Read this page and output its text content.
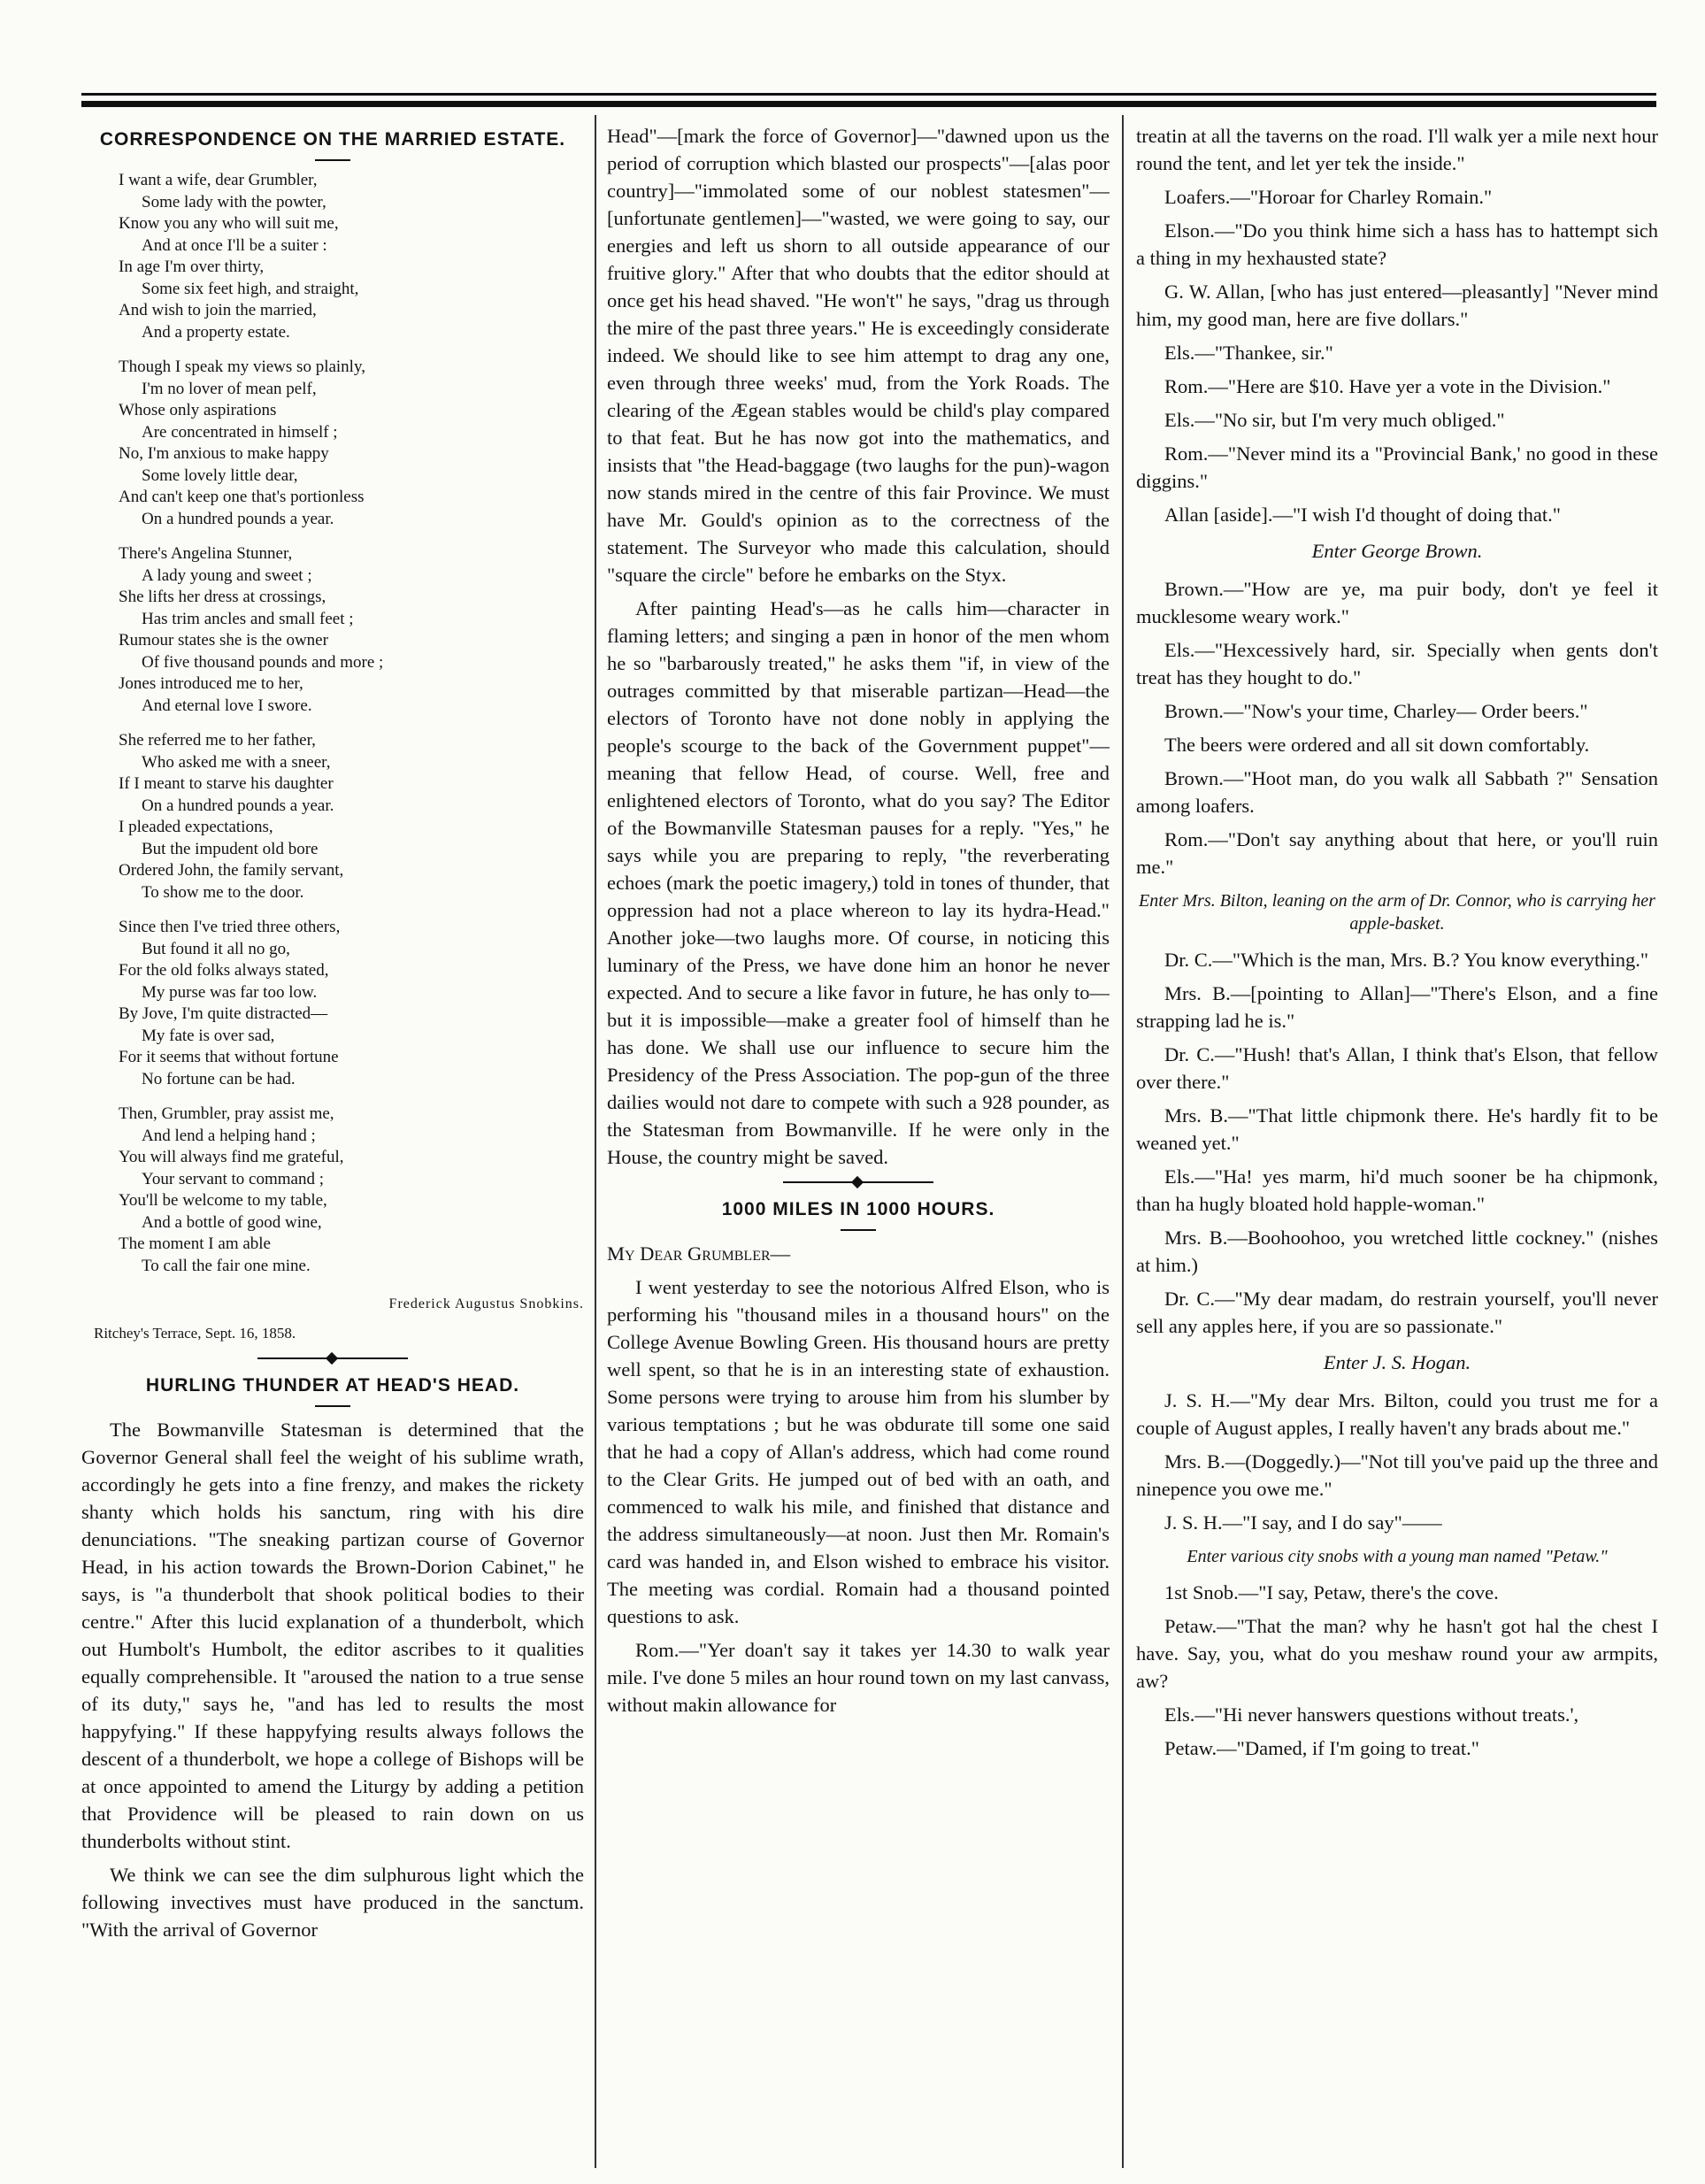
CORRESPONDENCE ON THE MARRIED ESTATE.
I want a wife, dear Grumbler,
Some lady with the powter,
Know you any who will suit me,
And at once I'll be a suiter :
In age I'm over thirty,
Some six feet high, and straight,
And wish to join the married,
And a property estate.
Though I speak my views so plainly,
I'm no lover of mean pelf,
Whose only aspirations
Are concentrated in himself ;
No, I'm anxious to make happy
Some lovely little dear,
And can't keep one that's portionless
On a hundred pounds a year.
There's Angelina Stunner,
A lady young and sweet ;
She lifts her dress at crossings,
Has trim ancles and small feet ;
Rumour states she is the owner
Of five thousand pounds and more ;
Jones introduced me to her,
And eternal love I swore.
She referred me to her father,
Who asked me with a sneer,
If I meant to starve his daughter
On a hundred pounds a year.
I pleaded expectations,
But the impudent old bore
Ordered John, the family servant,
To show me to the door.
Since then I've tried three others,
But found it all no go,
For the old folks always stated,
My purse was far too low.
By Jove, I'm quite distracted—
My fate is over sad,
For it seems that without fortune
No fortune can be had.
Then, Grumbler, pray assist me,
And lend a helping hand ;
You will always find me grateful,
Your servant to command ;
You'll be welcome to my table,
And a bottle of good wine,
The moment I am able
To call the fair one mine.
Frederick Augustus Snobkins.
Ritchey's Terrace, Sept. 16, 1858.
HURLING THUNDER AT HEAD'S HEAD.

The Bowmanville Statesman is determined that the Governor General shall feel the weight of his sublime wrath, accordingly he gets into a fine frenzy, and makes the rickety shanty which holds his sanctum, ring with his dire denunciations. "The sneaking partizan course of Governor Head, in his action towards the Brown-Dorion Cabinet," he says, is "a thunderbolt that shook political bodies to their centre." After this lucid explanation of a thunderbolt, which out Humbolt's Humbolt, the editor ascribes to it qualities equally comprehensible. It "aroused the nation to a true sense of its duty," says he, "and has led to results the most happyfying." If these happyfying results always follows the descent of a thunderbolt, we hope a college of Bishops will be at once appointed to amend the Liturgy by adding a petition that Providence will be pleased to rain down on us thunderbolts without stint.

We think we can see the dim sulphurous light which the following invectives must have produced in the sanctum. "With the arrival of Governor

Head"—[mark the force of Governor]—"dawned upon us the period of corruption which blasted our prospects"—[alas poor country]—"immolated some of our noblest statesmen"—[unfortunate gentlemen]—"wasted, we were going to say, our energies and left us shorn to all outside appearance of our fruitive glory." After that who doubts that the editor should at once get his head shaved. "He won't" he says, "drag us through the mire of the past three years." He is exceedingly considerate indeed. We should like to see him attempt to drag any one, even through three weeks' mud, from the York Roads. The clearing of the Ægean stables would be child's play compared to that feat. But he has now got into the mathematics, and insists that "the Head-baggage (two laughs for the pun)-wagon now stands mired in the centre of this fair Province. We must have Mr. Gould's opinion as to the correctness of the statement. The Surveyor who made this calculation, should "square the circle" before he embarks on the Styx.

After painting Head's—as he calls him—character in flaming letters; and singing a pæn in honor of the men whom he so "barbarously treated," he asks them "if, in view of the outrages committed by that miserable partizan—Head—the electors of Toronto have not done nobly in applying the people's scourge to the back of the Government puppet"—meaning that fellow Head, of course. Well, free and enlightened electors of Toronto, what do you say? The Editor of the Bowmanville Statesman pauses for a reply. "Yes," he says while you are preparing to reply, "the reverberating echoes (mark the poetic imagery,) told in tones of thunder, that oppression had not a place whereon to lay its hydra-Head." Another joke—two laughs more. Of course, in noticing this luminary of the Press, we have done him an honor he never expected. And to secure a like favor in future, he has only to—but it is impossible—make a greater fool of himself than he has done. We shall use our influence to secure him the Presidency of the Press Association. The pop-gun of the three dailies would not dare to compete with such a 928 pounder, as the Statesman from Bowmanville. If he were only in the House, the country might be saved.

1000 MILES IN 1000 HOURS.

My Dear Grumbler—

I went yesterday to see the notorious Alfred Elson, who is performing his "thousand miles in a thousand hours" on the College Avenue Bowling Green. His thousand hours are pretty well spent, so that he is in an interesting state of exhaustion. Some persons were trying to arouse him from his slumber by various temptations ; but he was obdurate till some one said that he had a copy of Allan's address, which had come round to the Clear Grits. He jumped out of bed with an oath, and commenced to walk his mile, and finished that distance and the address simultaneously—at noon. Just then Mr. Romain's card was handed in, and Elson wished to embrace his visitor. The meeting was cordial. Romain had a thousand pointed questions to ask.

Rom.—"Yer doan't say it takes yer 14.30 to walk year mile. I've done 5 miles an hour round town on my last canvass, without makin allowance for

treatin at all the taverns on the road. I'll walk yer a mile next hour round the tent, and let yer tek the inside."

Loafers.—"Horoar for Charley Romain."

Elson.—"Do you think hime sich a hass has to hattempt sich a thing in my hexhausted state?

G. W. Allan, [who has just entered—pleasantly] "Never mind him, my good man, here are five dollars."

Els.—"Thankee, sir."

Rom.—"Here are $10. Have yer a vote in the Division."

Els.—"No sir, but I'm very much obliged."

Rom.—"Never mind its a "Provincial Bank,' no good in these diggins."

Allan [aside].—"I wish I'd thought of doing that."

Enter George Brown.

Brown.—"How are ye, ma puir body, don't ye feel it mucklesome weary work."

Els.—"Hexcessively hard, sir. Specially when gents don't treat has they hought to do."

Brown.—"Now's your time, Charley— Order beers."

The beers were ordered and all sit down comfortably.

Brown.—"Hoot man, do you walk all Sabbath ?" Sensation among loafers.

Rom.—"Don't say anything about that here, or you'll ruin me."

Enter Mrs. Bilton, leaning on the arm of Dr. Connor, who is carrying her apple-basket.

Dr. C.—"Which is the man, Mrs. B.? You know everything."

Mrs. B.—[pointing to Allan]—"There's Elson, and a fine strapping lad he is."

Dr. C.—"Hush! that's Allan, I think that's Elson, that fellow over there."

Mrs. B.—"That little chipmonk there. He's hardly fit to be weaned yet."

Els.—"Ha! yes marm, hi'd much sooner be ha chipmonk, than ha hugly bloated hold happle-woman."

Mrs. B.—Boohoohoo, you wretched little cockney." (nishes at him.)

Dr. C.—"My dear madam, do restrain yourself, you'll never sell any apples here, if you are so passionate."

Enter J. S. Hogan.

J. S. H.—"My dear Mrs. Bilton, could you trust me for a couple of August apples, I really haven't any brads about me."

Mrs. B.—(Doggedly.)—"Not till you've paid up the three and ninepence you owe me."

J. S. H.—"I say, and I do say"——

Enter various city snobs with a young man named "Petaw."

1st Snob.—"I say, Petaw, there's the cove.

Petaw.—"That the man? why he hasn't got hal the chest I have. Say, you, what do you meshaw round your aw armpits, aw?

Els.—"Hi never hanswers questions without treats.',

Petaw.—"Damed, if I'm going to treat."
